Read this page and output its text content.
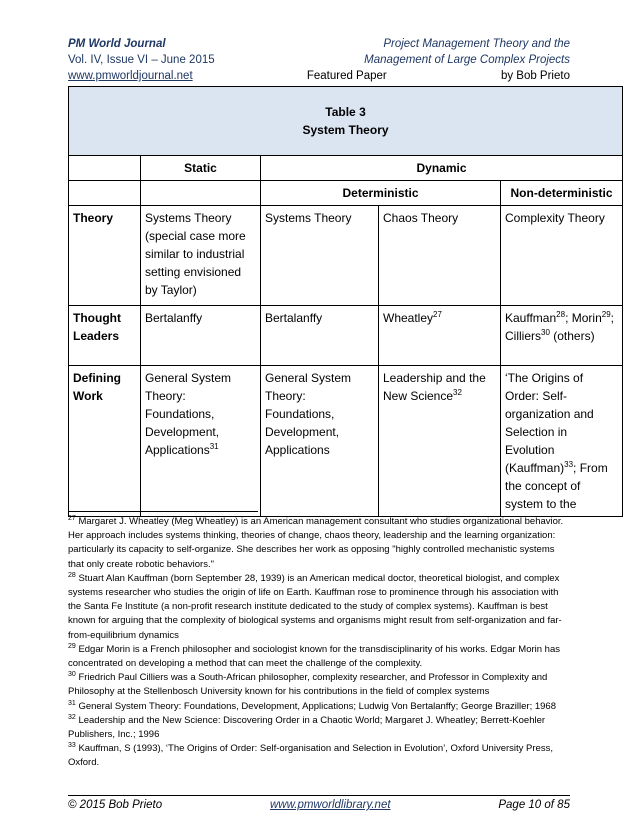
PM World Journal	Project Management Theory and the
Vol. IV, Issue VI – June 2015	Management of Large Complex Projects
www.pmworldjournal.net	Featured Paper	by Bob Prieto
Table 3
System Theory				

	Static	Dynamic		
		Deterministic		Non-deterministic
Theory	Systems Theory (special case more similar to industrial setting envisioned by Taylor)	Systems Theory	Chaos Theory	Complexity Theory
Thought Leaders	Bertalanffy	Bertalanffy	Wheatley$^{27}$	Kauffman$^{28}$; Morin$^{29}$; Cilliers$^{30}$ (others)
Defining Work	General System Theory: Foundations, Development, Applications$^{31}$	General System Theory: Foundations, Development, Applications	Leadership and the New Science$^{32}$	‘The Origins of Order: Self-organization and Selection in Evolution (Kauffman)$^{33}$; From the concept of system to the

$^{27}$ Margaret J. Wheatley (Meg Wheatley) is an American management consultant who studies organizational behavior. Her approach includes systems thinking, theories of change, chaos theory, leadership and the learning organization: particularly its capacity to self-organize. She describes her work as opposing "highly controlled mechanistic systems that only create robotic behaviors."

$^{28}$ Stuart Alan Kauffman (born September 28, 1939) is an American medical doctor, theoretical biologist, and complex systems researcher who studies the origin of life on Earth. Kauffman rose to prominence through his association with the Santa Fe Institute (a non-profit research institute dedicated to the study of complex systems). Kauffman is best known for arguing that the complexity of biological systems and organisms might result from self-organization and far-from-equilibrium dynamics

$^{29}$ Edgar Morin is a French philosopher and sociologist known for the transdisciplinarity of his works. Edgar Morin has concentrated on developing a method that can meet the challenge of the complexity.

$^{30}$ Friedrich Paul Cilliers was a South-African philosopher, complexity researcher, and Professor in Complexity and Philosophy at the Stellenbosch University known for his contributions in the field of complex systems

$^{31}$ General System Theory: Foundations, Development, Applications; Ludwig Von Bertalanffy; George Braziller; 1968

$^{32}$ Leadership and the New Science: Discovering Order in a Chaotic World; Margaret J. Wheatley; Berrett-Koehler Publishers, Inc.; 1996

$^{33}$ Kauffman, S (1993), ‘The Origins of Order: Self-organisation and Selection in Evolution’, Oxford University Press, Oxford.

© 2015 Bob Prieto	www.pmworldlibrary.net	Page 10 of 85
